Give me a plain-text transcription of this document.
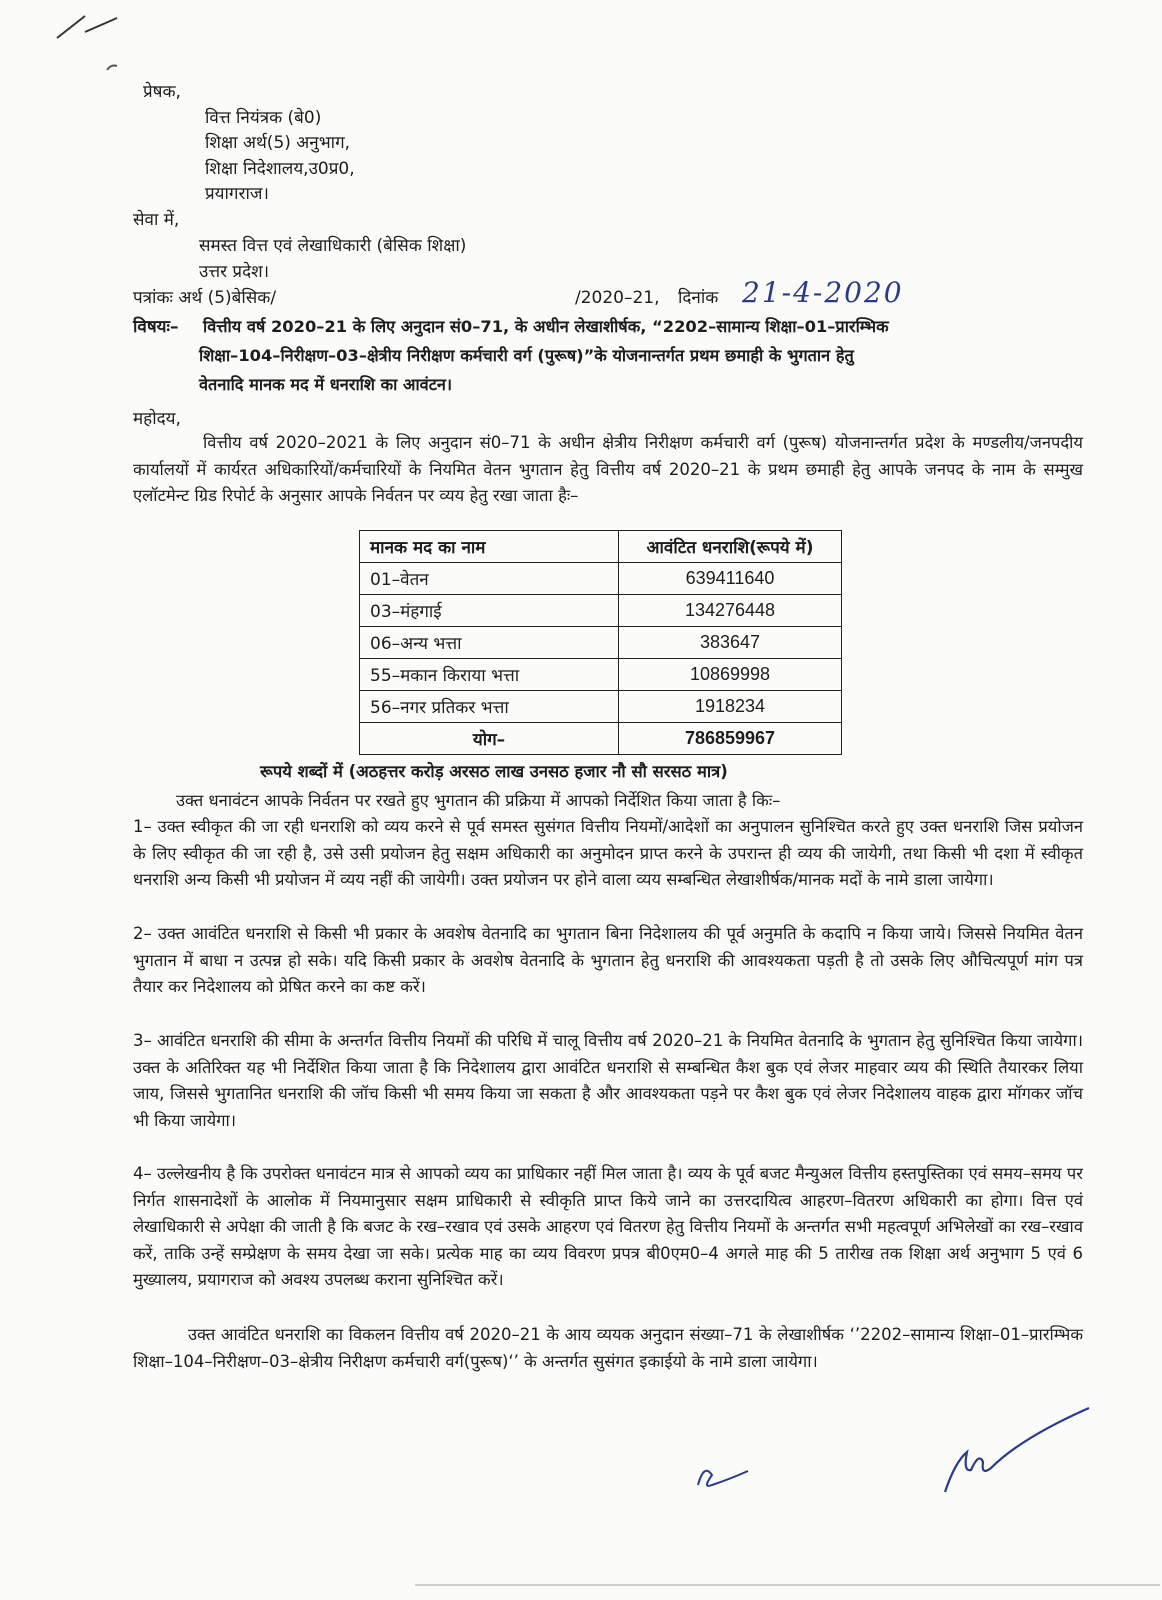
प्रेषक,
वित्त नियंत्रक (बे0)
शिक्षा अर्थ(5) अनुभाग,
शिक्षा निदेशालय,उ0प्र0,
प्रयागराज।
सेवा में,
समस्त वित्त एवं लेखाधिकारी (बेसिक शिक्षा)
उत्तर प्रदेश।
पत्रांकः अर्थ (5)बेसिक/	/2020–21, दिनांक 21-4-2020
विषयः– वित्तीय वर्ष 2020–21 के लिए अनुदान सं0–71, के अधीन लेखाशीर्षक, “2202–सामान्य शिक्षा–01–प्रारम्भिक
शिक्षा–104–निरीक्षण–03–क्षेत्रीय निरीक्षण कर्मचारी वर्ग (पुरूष)”के योजनान्तर्गत प्रथम छमाही के भुगतान हेतु
वेतनादि मानक मद में धनराशि का आवंटन।
महोदय,
वित्तीय वर्ष 2020–2021 के लिए अनुदान सं0–71 के अधीन क्षेत्रीय निरीक्षण कर्मचारी वर्ग (पुरूष) योजनान्तर्गत प्रदेश के मण्डलीय/जनपदीय कार्यालयों में कार्यरत अधिकारियों/कर्मचारियों के नियमित वेतन भुगतान हेतु वित्तीय वर्ष 2020–21 के प्रथम छमाही हेतु आपके जनपद के नाम के सम्मुख एलॉटमेन्ट ग्रिड रिपोर्ट के अनुसार आपके निर्वतन पर व्यय हेतु रखा जाता हैः–
मानक मद का नाम	आवंटित धनराशि(रूपये में)
01–वेतन	639411640
03–मंहगाई	134276448
06–अन्य भत्ता	383647
55–मकान किराया भत्ता	10869998
56–नगर प्रतिकर भत्ता	1918234
योग–	786859967
रूपये शब्दों में (अठहत्तर करोड़ अरसठ लाख उनसठ हजार नौ सौ सरसठ मात्र)
उक्त धनावंटन आपके निर्वतन पर रखते हुए भुगतान की प्रक्रिया में आपको निर्देशित किया जाता है किः–
1– उक्त स्वीकृत की जा रही धनराशि को व्यय करने से पूर्व समस्त सुसंगत वित्तीय नियमों/आदेशों का अनुपालन सुनिश्चित करते हुए उक्त धनराशि जिस प्रयोजन के लिए स्वीकृत की जा रही है, उसे उसी प्रयोजन हेतु सक्षम अधिकारी का अनुमोदन प्राप्त करने के उपरान्त ही व्यय की जायेगी, तथा किसी भी दशा में स्वीकृत धनराशि अन्य किसी भी प्रयोजन में व्यय नहीं की जायेगी। उक्त प्रयोजन पर होने वाला व्यय सम्बन्धित लेखाशीर्षक/मानक मदों के नामे डाला जायेगा।
2– उक्त आवंटित धनराशि से किसी भी प्रकार के अवशेष वेतनादि का भुगतान बिना निदेशालय की पूर्व अनुमति के कदापि न किया जाये। जिससे नियमित वेतन भुगतान में बाधा न उत्पन्न हो सके। यदि किसी प्रकार के अवशेष वेतनादि के भुगतान हेतु धनराशि की आवश्यकता पड़ती है तो उसके लिए औचित्यपूर्ण मांग पत्र तैयार कर निदेशालय को प्रेषित करने का कष्ट करें।
3– आवंटित धनराशि की सीमा के अन्तर्गत वित्तीय नियमों की परिधि में चालू वित्तीय वर्ष 2020–21 के नियमित वेतनादि के भुगतान हेतु सुनिश्चित किया जायेगा। उक्त के अतिरिक्त यह भी निर्देशित किया जाता है कि निदेशालय द्वारा आवंटित धनराशि से सम्बन्धित कैश बुक एवं लेजर माहवार व्यय की स्थिति तैयारकर लिया जाय, जिससे भुगतानित धनराशि की जॉच किसी भी समय किया जा सकता है और आवश्यकता पड़ने पर कैश बुक एवं लेजर निदेशालय वाहक द्वारा मॉगकर जॉच भी किया जायेगा।
4– उल्लेखनीय है कि उपरोक्त धनावंटन मात्र से आपको व्यय का प्राधिकार नहीं मिल जाता है। व्यय के पूर्व बजट मैन्युअल वित्तीय हस्तपुस्तिका एवं समय–समय पर निर्गत शासनादेशों के आलोक में नियमानुसार सक्षम प्राधिकारी से स्वीकृति प्राप्त किये जाने का उत्तरदायित्व आहरण–वितरण अधिकारी का होगा। वित्त एवं लेखाधिकारी से अपेक्षा की जाती है कि बजट के रख–रखाव एवं उसके आहरण एवं वितरण हेतु वित्तीय नियमों के अन्तर्गत सभी महत्वपूर्ण अभिलेखों का रख–रखाव करें, ताकि उन्हें सम्प्रेक्षण के समय देखा जा सके। प्रत्येक माह का व्यय विवरण प्रपत्र बी0एम0–4 अगले माह की 5 तारीख तक शिक्षा अर्थ अनुभाग 5 एवं 6 मुख्यालय, प्रयागराज को अवश्य उपलब्ध कराना सुनिश्चित करें।
उक्त आवंटित धनराशि का विकलन वित्तीय वर्ष 2020–21 के आय व्ययक अनुदान संख्या–71 के लेखाशीर्षक ‘’2202–सामान्य शिक्षा–01–प्रारम्भिक शिक्षा–104–निरीक्षण–03–क्षेत्रीय निरीक्षण कर्मचारी वर्ग(पुरूष)‘’ के अन्तर्गत सुसंगत इकाईयो के नामे डाला जायेगा।
